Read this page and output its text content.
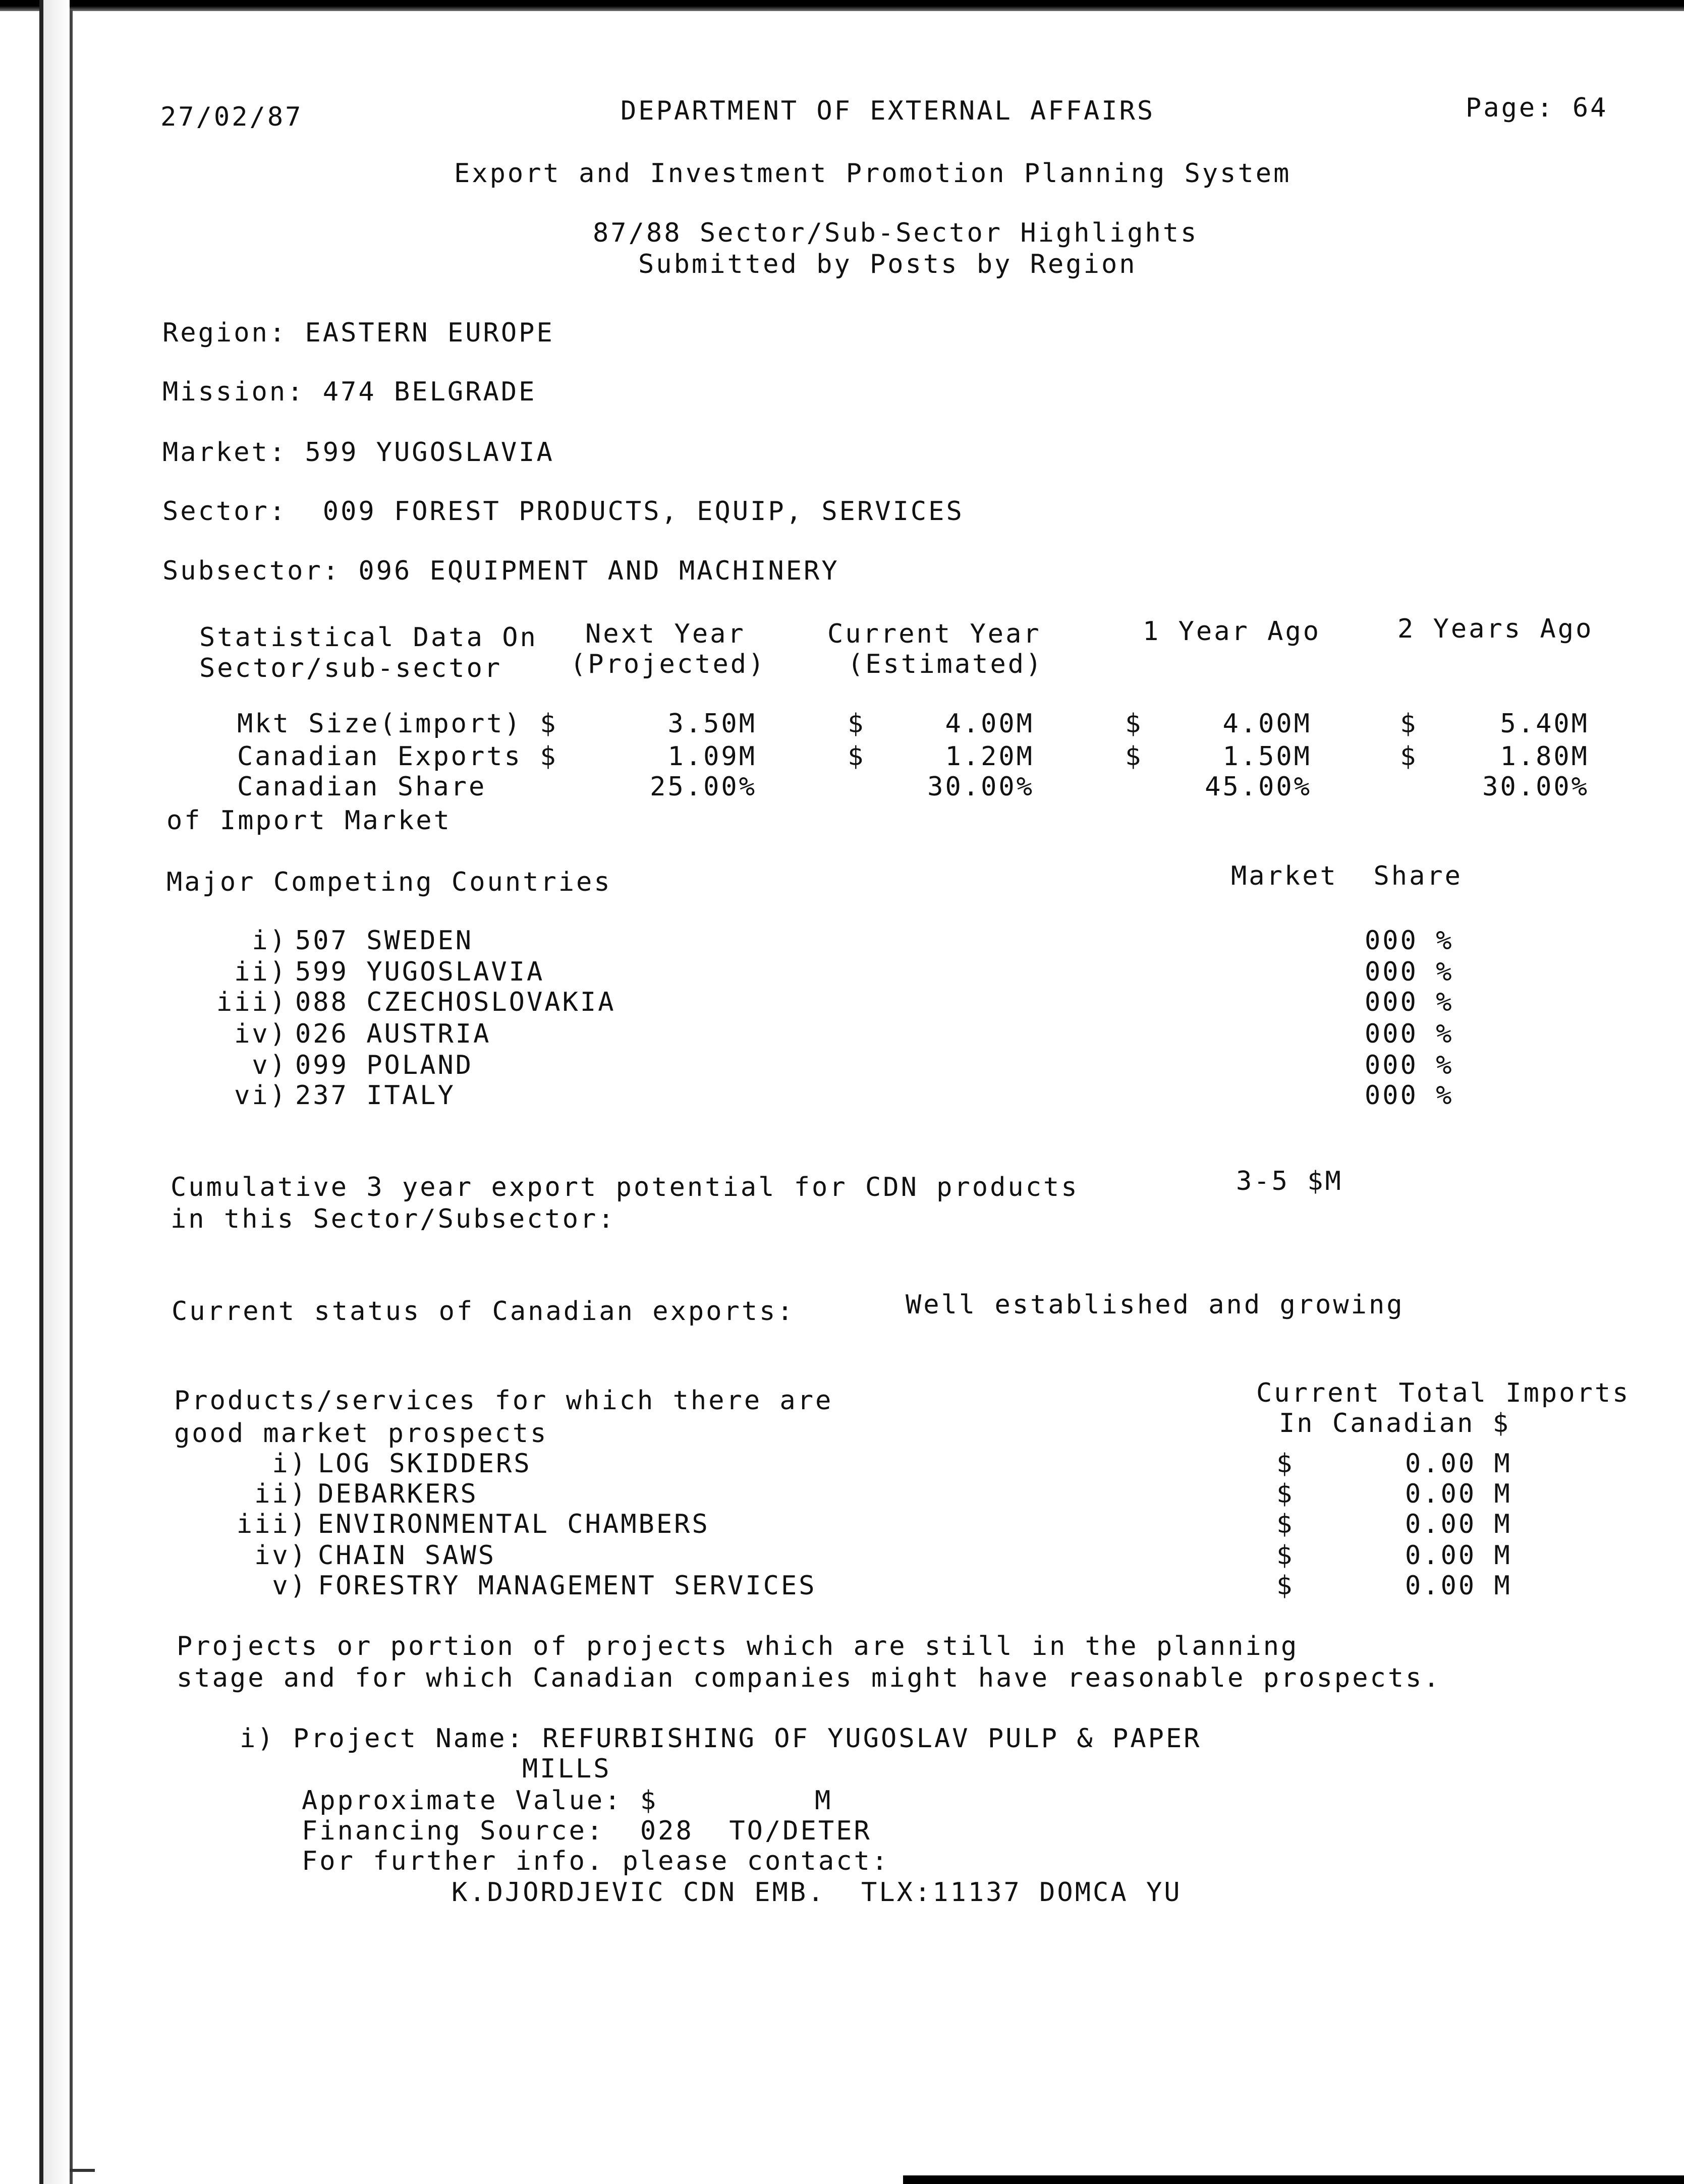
27/02/87	DEPARTMENT OF EXTERNAL AFFAIRS	Page: 64
Export and Investment Promotion Planning System
87/88 Sector/Sub-Sector Highlights
Submitted by Posts by Region
Region: EASTERN EUROPE
Mission: 474 BELGRADE
Market: 599 YUGOSLAVIA
Sector:  009 FOREST PRODUCTS, EQUIP, SERVICES
Subsector: 096 EQUIPMENT AND MACHINERY
Statistical Data On
Sector/sub-sector
Next Year
(Projected)
Current Year
(Estimated)
1 Year Ago	2 Years Ago
Mkt Size(import) $	3.50M	$	4.00M	$	4.00M	$	5.40M
Canadian Exports $	1.09M	$	1.20M	$	1.50M	$	1.80M
Canadian Share	25.00%	30.00%	45.00%	30.00%
of Import Market
Major Competing Countries	Market  Share
i) 507 SWEDEN	000 %
ii) 599 YUGOSLAVIA	000 %
iii) 088 CZECHOSLOVAKIA	000 %
iv) 026 AUSTRIA	000 %
v) 099 POLAND	000 %
vi) 237 ITALY	000 %
Cumulative 3 year export potential for CDN products
in this Sector/Subsector:
3-5 $M
Current status of Canadian exports:	Well established and growing
Products/services for which there are
good market prospects
Current Total Imports
In Canadian $
i) LOG SKIDDERS	$	0.00 M
ii) DEBARKERS	$	0.00 M
iii) ENVIRONMENTAL CHAMBERS	$	0.00 M
iv) CHAIN SAWS	$	0.00 M
v) FORESTRY MANAGEMENT SERVICES	$	0.00 M
Projects or portion of projects which are still in the planning
stage and for which Canadian companies might have reasonable prospects.
i) Project Name: REFURBISHING OF YUGOSLAV PULP & PAPER
MILLS
Approximate Value: $	M
Financing Source:  028  TO/DETER
For further info. please contact:
K.DJORDJEVIC CDN EMB.  TLX:11137 DOMCA YU
